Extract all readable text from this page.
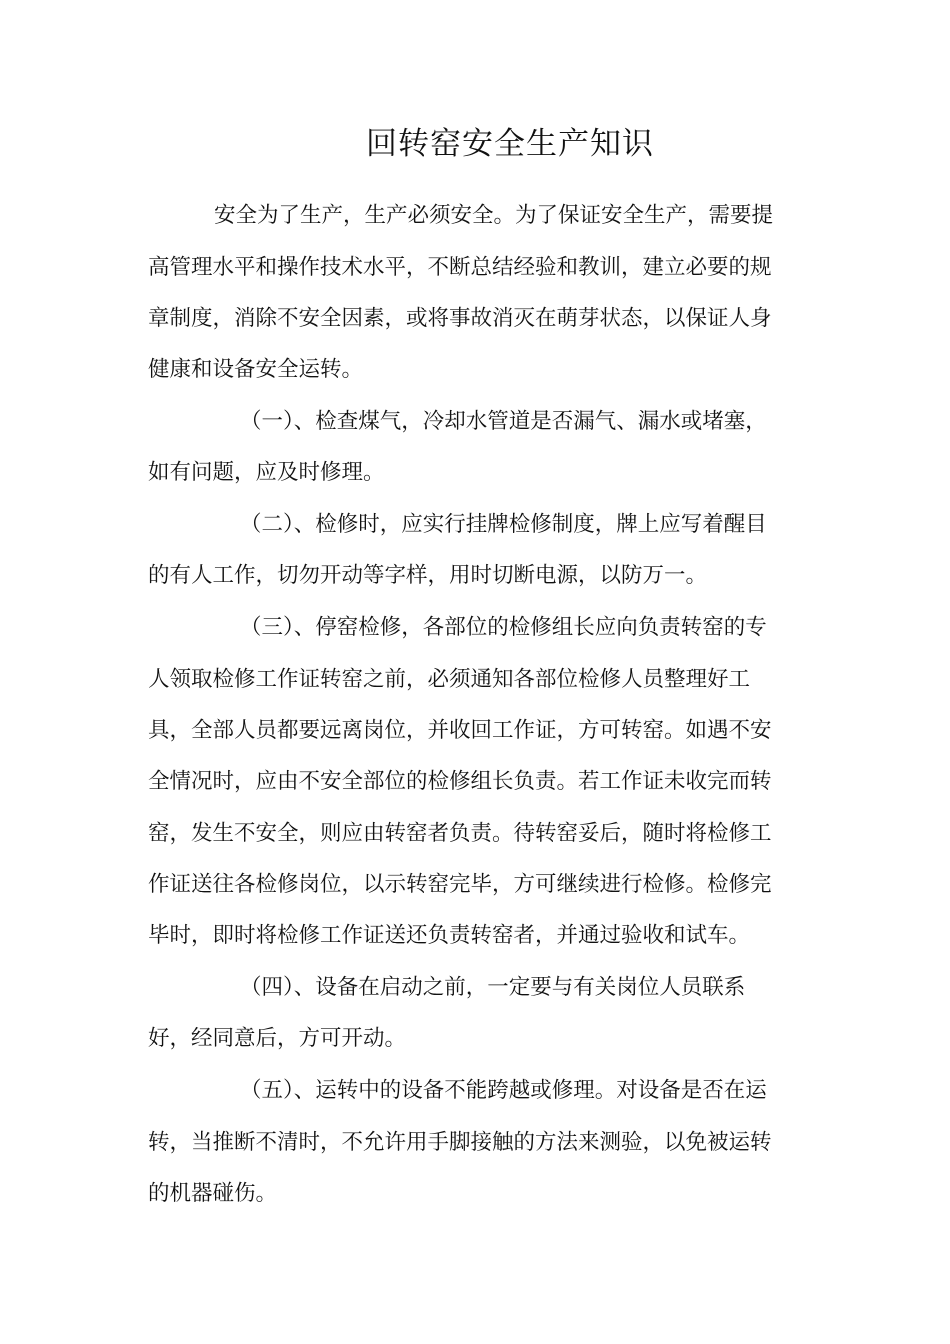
回转窑安全生产知识
安全为了生产，生产必须安全。为了保证安全生产，需要提
高管理水平和操作技术水平，不断总结经验和教训，建立必要的规
章制度，消除不安全因素，或将事故消灭在萌芽状态，以保证人身
健康和设备安全运转。
（一）、检查煤气，冷却水管道是否漏气、漏水或堵塞，
如有问题，应及时修理。
（二）、检修时，应实行挂牌检修制度，牌上应写着醒目
的有人工作，切勿开动等字样，用时切断电源，以防万一。
（三）、停窑检修，各部位的检修组长应向负责转窑的专
人领取检修工作证转窑之前，必须通知各部位检修人员整理好工
具，全部人员都要远离岗位，并收回工作证，方可转窑。如遇不安
全情况时，应由不安全部位的检修组长负责。若工作证未收完而转
窑，发生不安全，则应由转窑者负责。待转窑妥后，随时将检修工
作证送往各检修岗位，以示转窑完毕，方可继续进行检修。检修完
毕时，即时将检修工作证送还负责转窑者，并通过验收和试车。
（四）、设备在启动之前，一定要与有关岗位人员联系
好，经同意后，方可开动。
（五）、运转中的设备不能跨越或修理。对设备是否在运
转，当推断不清时，不允许用手脚接触的方法来测验，以免被运转
的机器碰伤。
